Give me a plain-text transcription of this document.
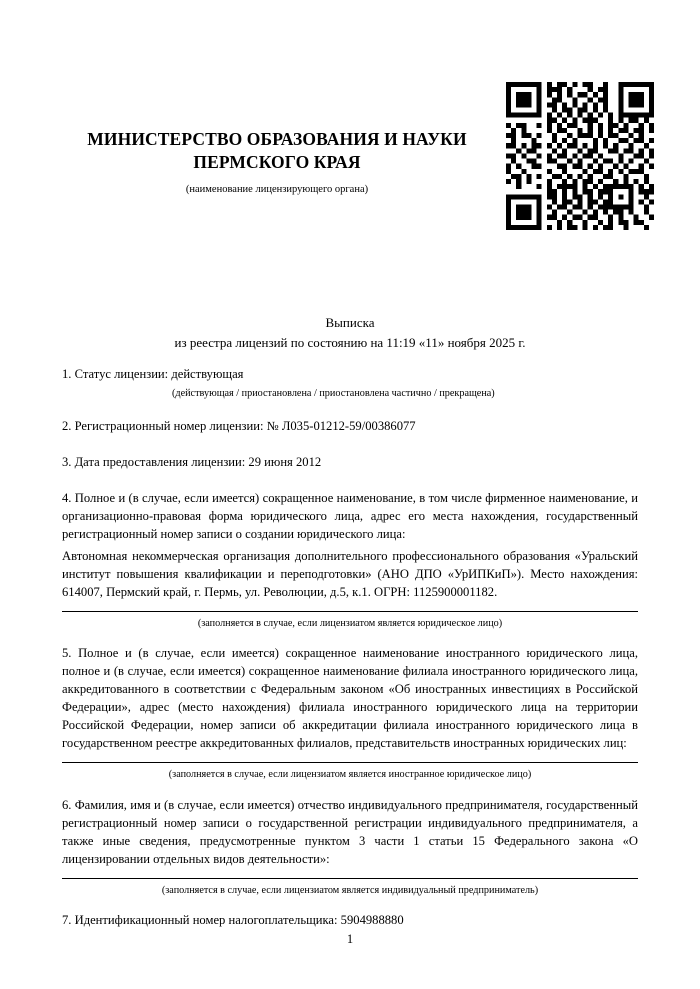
МИНИСТЕРСТВО ОБРАЗОВАНИЯ И НАУКИ ПЕРМСКОГО КРАЯ
(наименование лицензирующего органа)
Выписка
из реестра лицензий по состоянию на 11:19 «11» ноября 2025 г.

1. Статус лицензии: действующая

(действующая / приостановлена / приостановлена частично / прекращена)

2. Регистрационный номер лицензии: № Л035-01212-59/00386077

3. Дата предоставления лицензии: 29 июня 2012

4. Полное и (в случае, если имеется) сокращенное наименование, в том числе фирменное наименование, и организационно-правовая форма юридического лица, адрес его места нахождения, государственный регистрационный номер записи о создании юридического лица:

Автономная некоммерческая организация дополнительного профессионального образования «Уральский институт повышения квалификации и переподготовки» (АНО ДПО «УрИПКиП»). Место нахождения: 614007, Пермский край, г. Пермь, ул. Революции, д.5, к.1. ОГРН: 1125900001182.

(заполняется в случае, если лицензиатом является юридическое лицо)

5. Полное и (в случае, если имеется) сокращенное наименование иностранного юридического лица, полное и (в случае, если имеется) сокращенное наименование филиала иностранного юридического лица, аккредитованного в соответствии с Федеральным законом «Об иностранных инвестициях в Российской Федерации», адрес (место нахождения) филиала иностранного юридического лица на территории Российской Федерации, номер записи об аккредитации филиала иностранного юридического лица в государственном реестре аккредитованных филиалов, представительств иностранных юридических лиц:

(заполняется в случае, если лицензиатом является иностранное юридическое лицо)

6. Фамилия, имя и (в случае, если имеется) отчество индивидуального предпринимателя, государственный регистрационный номер записи о государственной регистрации индивидуального предпринимателя, а также иные сведения, предусмотренные пунктом 3 части 1 статьи 15 Федерального закона «О лицензировании отдельных видов деятельности»:

(заполняется в случае, если лицензиатом является индивидуальный предприниматель)

7. Идентификационный номер налогоплательщика: 5904988880

1
